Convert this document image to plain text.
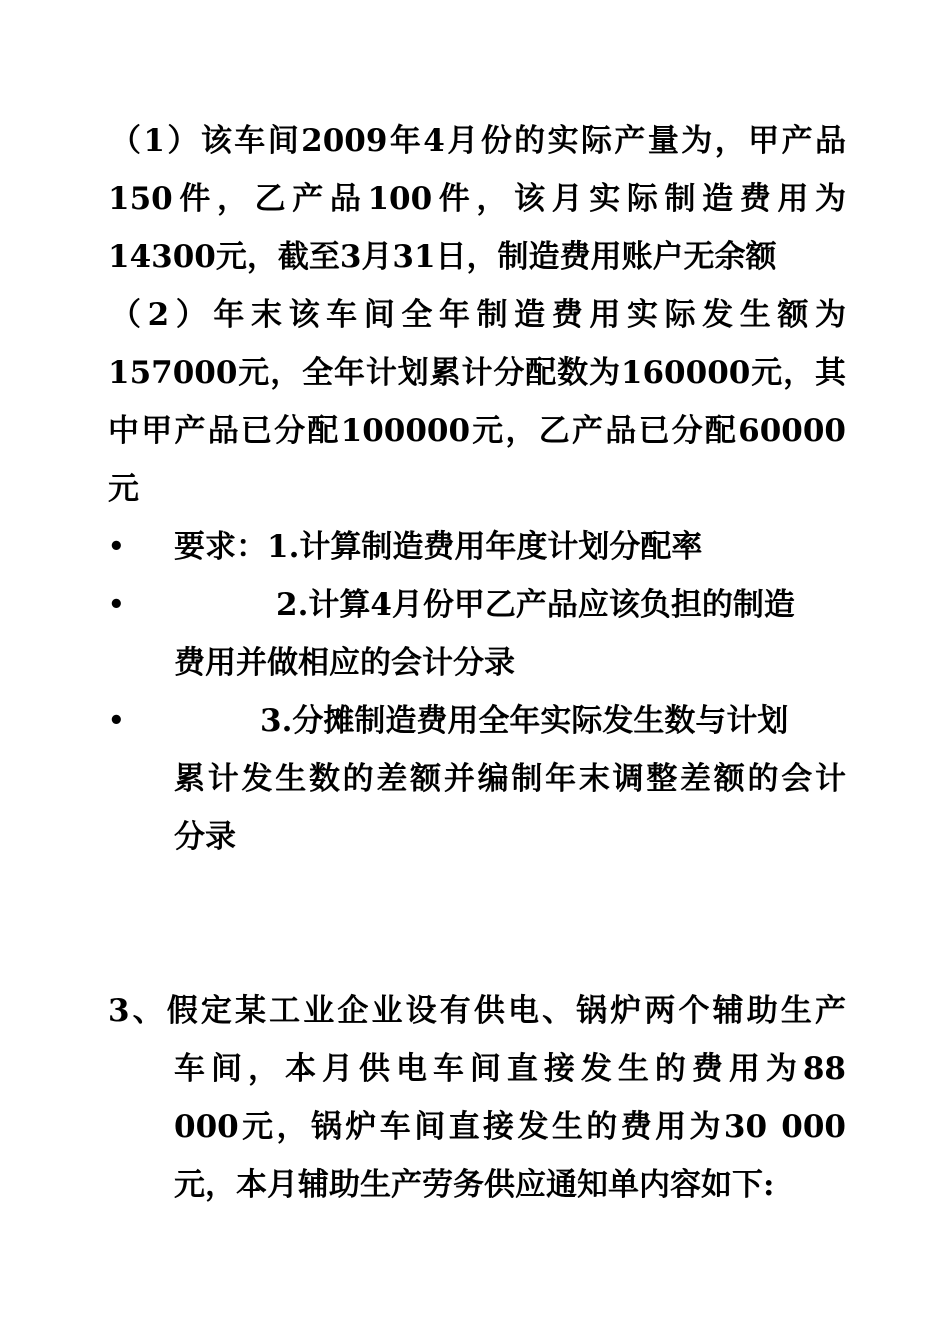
（1）该车间2009年4月份的实际产量为，甲产品
150件，乙产品100件，该月实际制造费用为
14300元，截至3月31日，制造费用账户无余额
（2）年末该车间全年制造费用实际发生额为
157000元，全年计划累计分配数为160000元，其
中甲产品已分配100000元，乙产品已分配60000
元
• 要求：1.计算制造费用年度计划分配率
•	2.计算4月份甲乙产品应该负担的制造
费用并做相应的会计分录
•	3.分摊制造费用全年实际发生数与计划
累计发生数的差额并编制年末调整差额的会计
分录
3、假定某工业企业设有供电、锅炉两个辅助生产
车间，本月供电车间直接发生的费用为88
000元，锅炉车间直接发生的费用为30 000
元，本月辅助生产劳务供应通知单内容如下:
